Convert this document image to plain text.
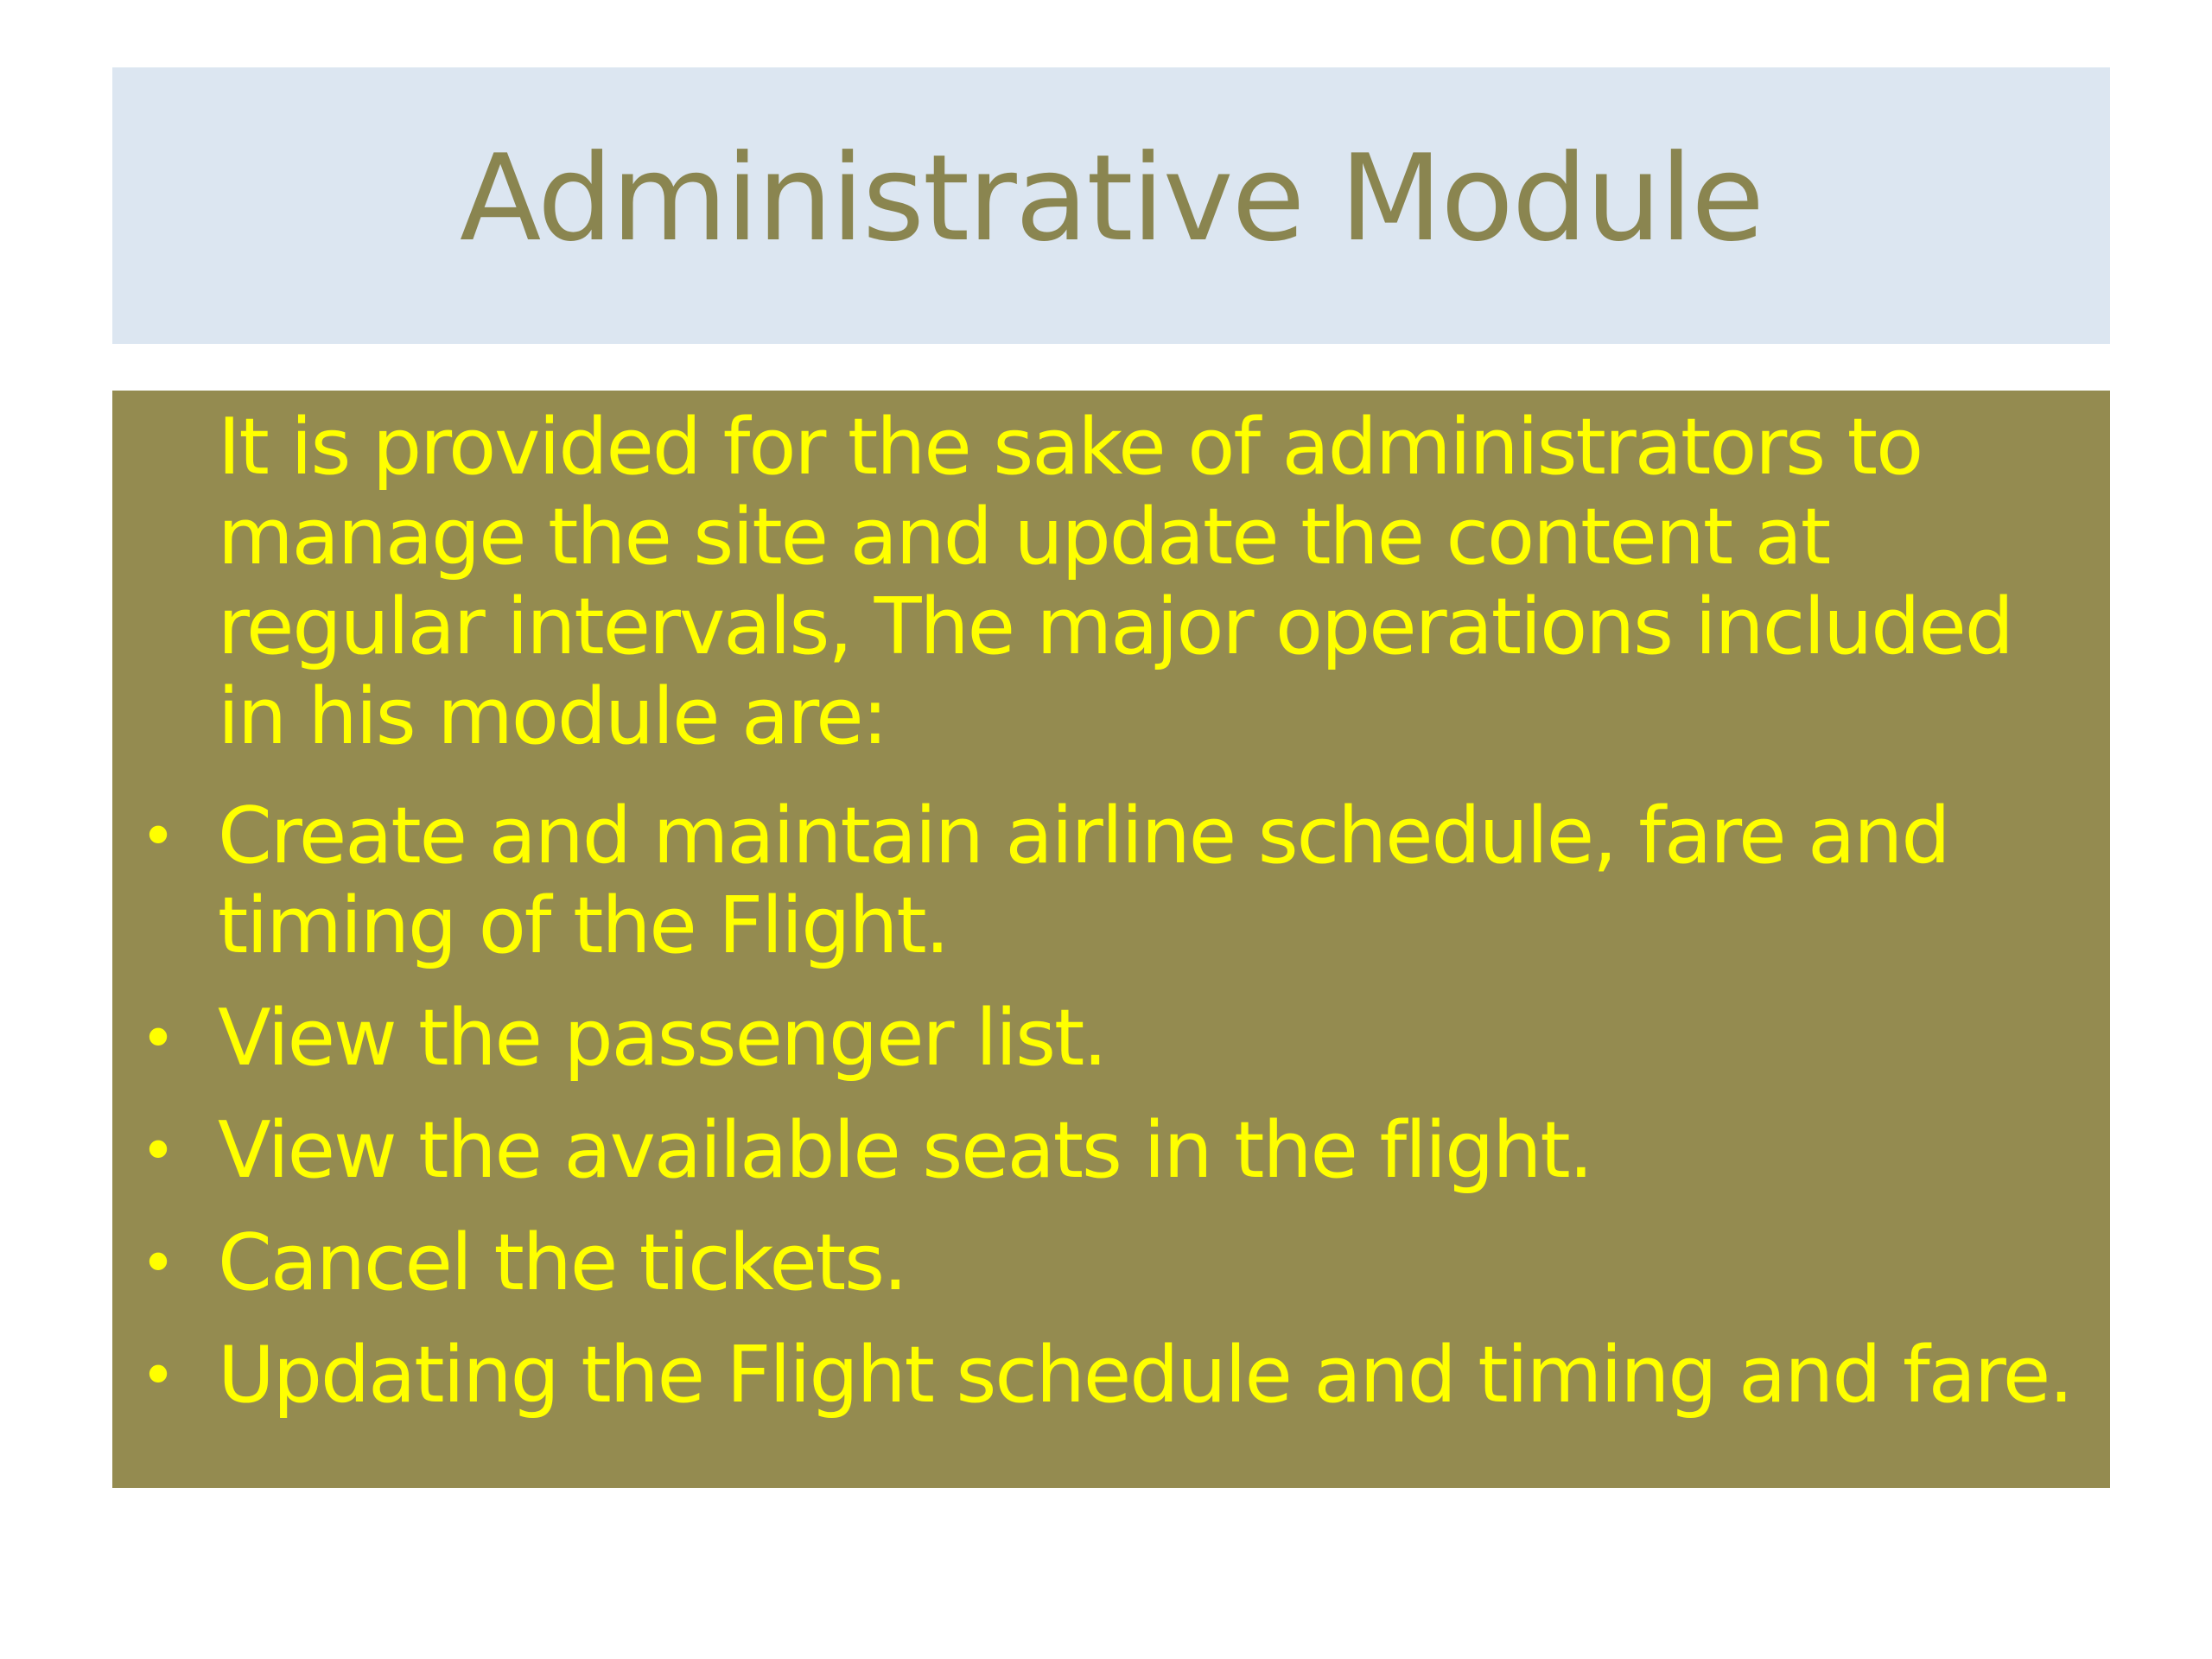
Administrative Module
It is provided for the sake of administrators to manage the site and update the content at regular intervals, The major operations included in his module are:
• Create and maintain airline schedule, fare and timing of the Flight.
• View the passenger list.
• View the available seats in the flight.
• Cancel the tickets.
• Updating the Flight schedule and timing and fare.
